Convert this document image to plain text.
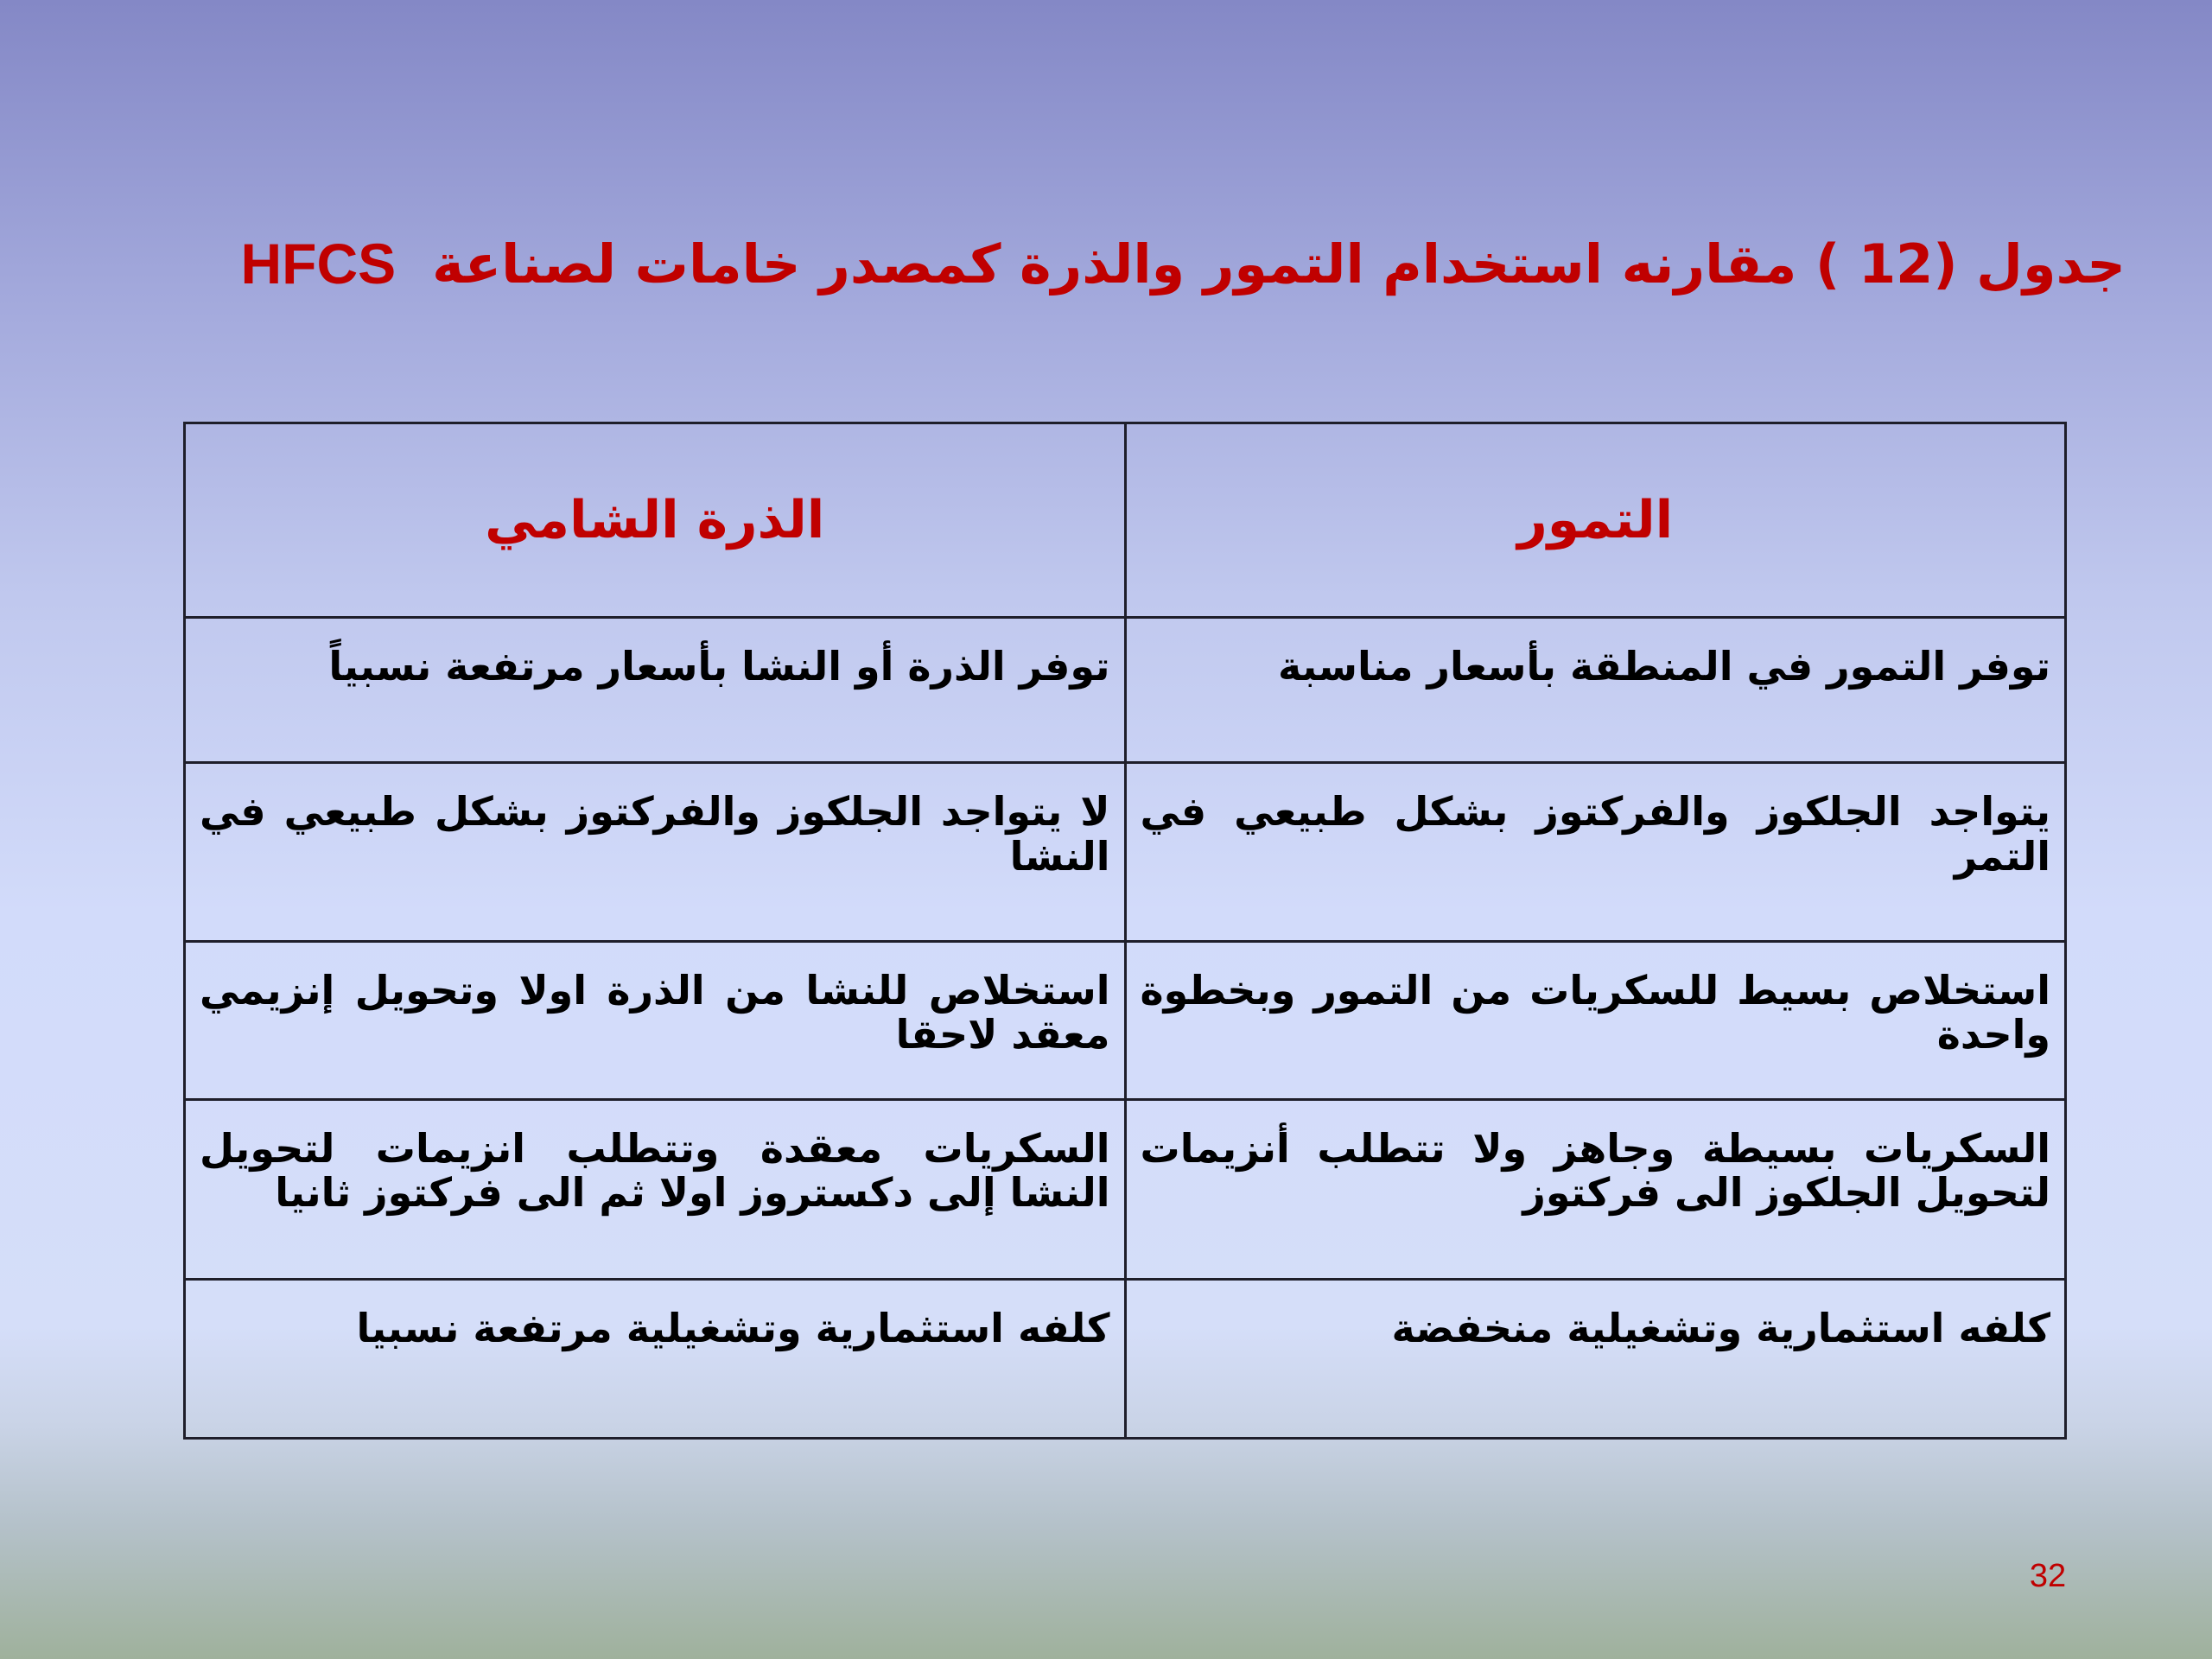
جدول (12 ) مقارنه استخدام التمور والذرة كمصدر خامات لصناعة
HFCS
التمور	الذرة الشامي
توفر التمور في المنطقة بأسعار مناسبة	توفر الذرة أو النشا بأسعار مرتفعة نسبياً
يتواجد الجلكوز والفركتوز بشكل طبيعي في التمر	لا يتواجد الجلكوز والفركتوز بشكل طبيعي في النشا
استخلاص بسيط للسكريات من التمور وبخطوة واحدة	استخلاص للنشا من الذرة اولا وتحويل إنزيمي معقد لاحقا
السكريات بسيطة وجاهز ولا تتطلب أنزيمات لتحويل الجلكوز الى فركتوز	السكريات معقدة وتتطلب انزيمات لتحويل النشا إلى دكستروز اولا ثم الى فركتوز ثانيا
كلفه استثمارية وتشغيلية منخفضة	كلفه استثمارية وتشغيلية مرتفعة نسبيا
32
